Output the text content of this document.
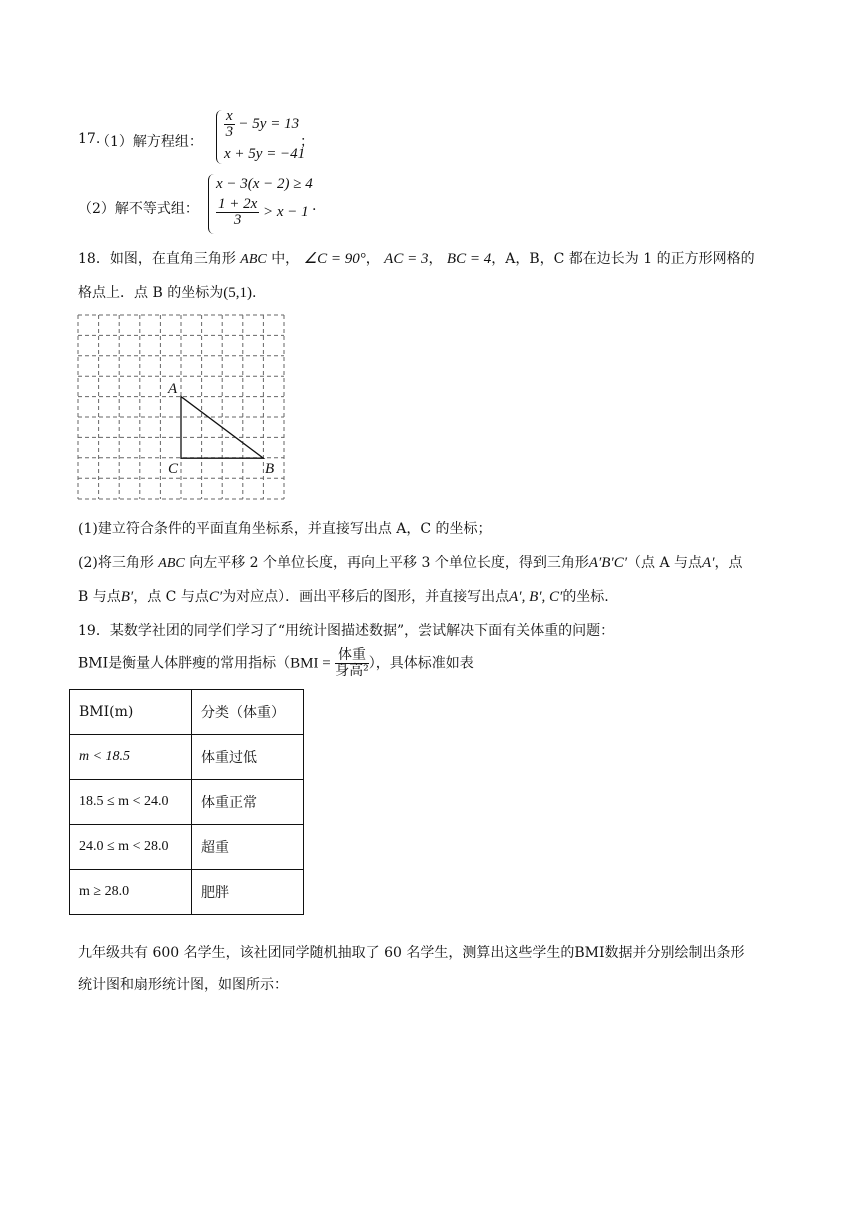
17.
（1）解方程组：
$\frac{x}{3} - 5y = 13$
x + 5y = −41
；
（2）解不等式组：
x − 3(x − 2) ≥ 4
$\frac{1 + 2x}{3} > x - 1$ .
18．如图，在直角三角形 ABC 中， ∠C = 90°， AC = 3， BC = 4，A，B，C 都在边长为 1 的正方形网格的
格点上．点 B 的坐标为(5,1).
A
C	B
(1)建立符合条件的平面直角坐标系，并直接写出点 A，C 的坐标；
(2)将三角形 ABC 向左平移 2 个单位长度，再向上平移 3 个单位长度，得到三角形A′B′C′（点 A 与点A′，点
B 与点B′，点 C 与点C′为对应点）．画出平移后的图形，并直接写出点A′, B′, C′的坐标.
19．某数学社团的同学们学习了“用统计图描述数据”，尝试解决下面有关体重的问题：
BMI是衡量人体胖瘦的常用指标（$BMI = \frac{\text{体重}}{\text{身高²}}$ ），具体标准如表
BMI(m)	分类（体重）
m < 18.5	体重过低
18.5 ≤ m < 24.0	体重正常
24.0 ≤ m < 28.0	超重
m ≥ 28.0	肥胖
九年级共有 600 名学生，该社团同学随机抽取了 60 名学生，测算出这些学生的BMI数据并分别绘制出条形
统计图和扇形统计图，如图所示：
